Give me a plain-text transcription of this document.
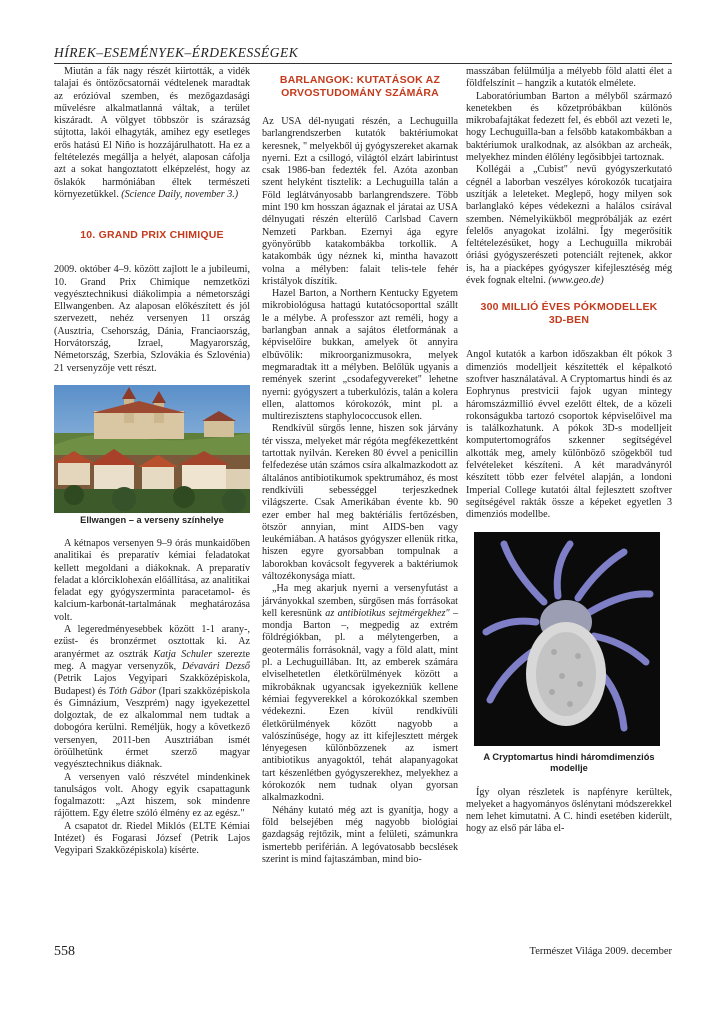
HÍREK–ESEMÉNYEK–ÉRDEKESSÉGEK

Miután a fák nagy részét kiirtották, a vidék talajai és öntözőcsatornái védtelenek maradtak az erózióval szemben, és mezőgazdasági művelésre alkalmatlanná váltak, a terület kiszáradt. A völgyet többször is szárazság sújtotta, lakói elhagyták, amihez egy esetleges erős hatású El Niño is hozzájárulhatott. Ha ez a feltételezés megállja a helyét, alaposan cáfolja azt a sokat hangoztatott elképzelést, hogy az őslakók harmóniában éltek természeti környezetükkel. (Science Daily, november 3.)

10. GRAND PRIX CHIMIQUE

2009. október 4–9. között zajlott le a jubileumi, 10. Grand Prix Chimique nemzetközi vegyésztechnikusi diákolimpia a németországi Ellwangenben. Az alaposan előkészített és jól szervezett, nehéz versenyen 11 ország (Ausztria, Csehország, Dánia, Franciaország, Horvátország, Izrael, Magyarország, Németország, Szerbia, Szlovákia és Szlovénia) 21 versenyzője vett részt.

Ellwangen – a verseny színhelye

A kétnapos versenyen 9–9 órás munkaidőben analitikai és preparatív kémiai feladatokat kellett megoldani a diákoknak. A preparatív feladat a klórciklohexán előállítása, az analitikai feladat egy gyógyszerminta paracetamol- és kalcium-karbonát-tartalmának meghatározása volt.

A legeredményesebbek között 1-1 arany-, ezüst- és bronzérmet osztottak ki. Az aranyérmet az osztrák Katja Schuler szerezte meg. A magyar versenyzők, Dévavári Dezső (Petrik Lajos Vegyipari Szakközépiskola, Budapest) és Tóth Gábor (Ipari szakközépiskola és Gimnázium, Veszprém) nagy igyekezettel dolgoztak, de ez alkalommal nem tudtak a dobogóra kerülni. Reméljük, hogy a következő versenyen, 2011-ben Ausztriában ismét öröülhetünk érmet szerző magyar vegyésztechnikus diáknak.

A versenyen való részvétel mindenkinek tanulságos volt. Ahogy egyik csapattagunk fogalmazott: „Azt hiszem, sok mindenre rájöttem. Egy életre szóló élmény ez az egész."

A csapatot dr. Riedel Miklós (ELTE Kémiai Intézet) és Fogarasi József (Petrik Lajos Vegyipari Szakközépiskola) kísérte.

BARLANGOK: KUTATÁSOK AZ
ORVOSTUDOMÁNY SZÁMÁRA

Az USA dél-nyugati részén, a Lechuguilla barlangrendszerben kutatók baktériumokat keresnek, " melyekből új gyógyszereket akarnak nyerni. Ezt a csillogó, világtól elzárt labirintust csak 1986-ban fedezték fel. Azóta azonban szent helyként tisztelik: a Lechuguilla talán a Föld leglátványosabb barlangrendszere. Több mint 190 km hosszan ágaznak el járatai az USA délnyugati részén elterülő Carlsbad Cavern Nemzeti Parkban. Ezernyi ága egyre gyönyörűbb katakombákba torkollik. A katakombák úgy néznek ki, mintha havazott volna a mélyben: falait telis-tele fehér kristályok díszítik.

Hazel Barton, a Northern Kentucky Egyetem mikrobiológusa hattagú kutatócsoporttal szállt le a mélybe. A professzor azt reméli, hogy a barlangban annak a sajátos életformának a képviselőire bukkan, amelyek öt annyira elbűvölik: mikroorganizmusokra, melyek megmaradtak itt a mélyben. Belőlük ugyanis a remények szerint „csodafegyvereket" lehetne nyerni: gyógyszert a tuberkulózis, talán a kolera ellen, alattomos kórokozók, mint pl. a multirezisztens staphylococcusok ellen.

Rendkívül sürgős lenne, hiszen sok járvány tér vissza, melyeket már régóta megfékezettként tartottak nyilván. Kereken 80 évvel a penicillin felfedezése után számos csíra alkalmazkodott az általános antibiotikumok spektrumához, és most rendkívüli sebességgel terjeszkednek világszerte. Csak Amerikában évente kb. 90 ezer ember hal meg baktériális fertőzésben, ötször annyian, mint AIDS-ben vagy leukémiában. A hatásos gyógyszer ellenük ritka, hiszen egyre gyorsabban tompulnak a laborokban kovácsolt fegyverek a baktériumok változékonysága miatt.

„Ha meg akarjuk nyerni a versenyfutást a járványokkal szemben, sürgősen más forrásokat kell keresnünk az antibiotikus sejtmérgekhez" – mondja Barton –, megpedig az extrém földrégiókban, pl. a mélytengerben, a geotermális forrásoknál, vagy a föld alatt, mint pl. a Lechuguillában. Itt, az emberek számára elviselhetetlen életkörülmények között a mikrobáknak ugyancsak igyekezniük kellene kémiai fegyverekkel a kórokozókkal szemben védekezni. Ezen kívül rendkívüli életkörülmények között nagyobb a valószínűsége, hogy az itt kifejlesztett mérgek lényegesen különbözzenek az ismert antibiotikus anyagoktól, tehát alapanyagokat tart készenlétben gyógyszerekhez, melyekhez a kórokozók nem tudnak olyan gyorsan alkalmazkodni.

Néhány kutató még azt is gyanítja, hogy a föld belsejében még nagyobb biológiai gazdagság rejtőzik, mint a felületi, számunkra ismertebb periférián. A legóvatosabb becslések szerint is mind fajtaszámban, mind bio-

masszában felülmúlja a mélyebb föld alatti élet a földfelszínit – hangzik a kutatók elmélete.

Laboratóriumban Barton a mélyből származó kenetekben és kőzetpróbákban különös mikrobafajtákat fedezett fel, és ebből azt vezeti le, hogy Lechuguilla-ban a felsőbb katakombákban a baktériumok uralkodnak, az alsókban az archeák, melyekhez minden élőlény legősibbjei tartoznak.

Kollégái a „Cubist" nevű gyógyszerkutató cégnél a laborban veszélyes kórokozók tucatjaira uszítják a leleteket. Meglepő, hogy milyen sok barlanglakó képes védekezni a halálos csírával szemben. Némelyikükből megpróbálják az ezért felelős anyagokat izolálni. Így megerősítik feltételezésüket, hogy a Lechuguilla mikrobái óriási gyógyszerészeti potenciált rejtenek, akkor is, ha a piacképes gyógyszer kifejlesztéség még évek fognak eltelni. (www.geo.de)

300 MILLIÓ ÉVES PÓKMODELLEK
3D-BEN

Angol kutatók a karbon időszakban élt pókok 3 dimenziós modelljeit készítették el képalkotó szoftver használatával. A Cryptomartus hindi és az Eophrynus prestvicii fajok ugyan mintegy háromszázmillió évvel ezelőtt éltek, de a közeli rokonságukba tartozó csoportok képviselőivel ma is találkozhatunk. A pókok 3D-s modelljeit komputertomográfos szkenner segítségével alkották meg, amely különböző szögekből tud felvételeket készíteni. A két maradványról készített több ezer felvétel alapján, a londoni Imperial College kutatói által fejlesztett szoftver segítségével rakták össze a képeket egyetlen 3 dimenziós modellbe.

A Cryptomartus hindi háromdimenziós
modellje

Így olyan részletek is napfényre kerültek, melyeket a hagyományos őslénytani módszerekkel nem lehet kimutatni. A C. hindi esetében kiderült, hogy az első pár lába el-

558	Természet Világa 2009. december
